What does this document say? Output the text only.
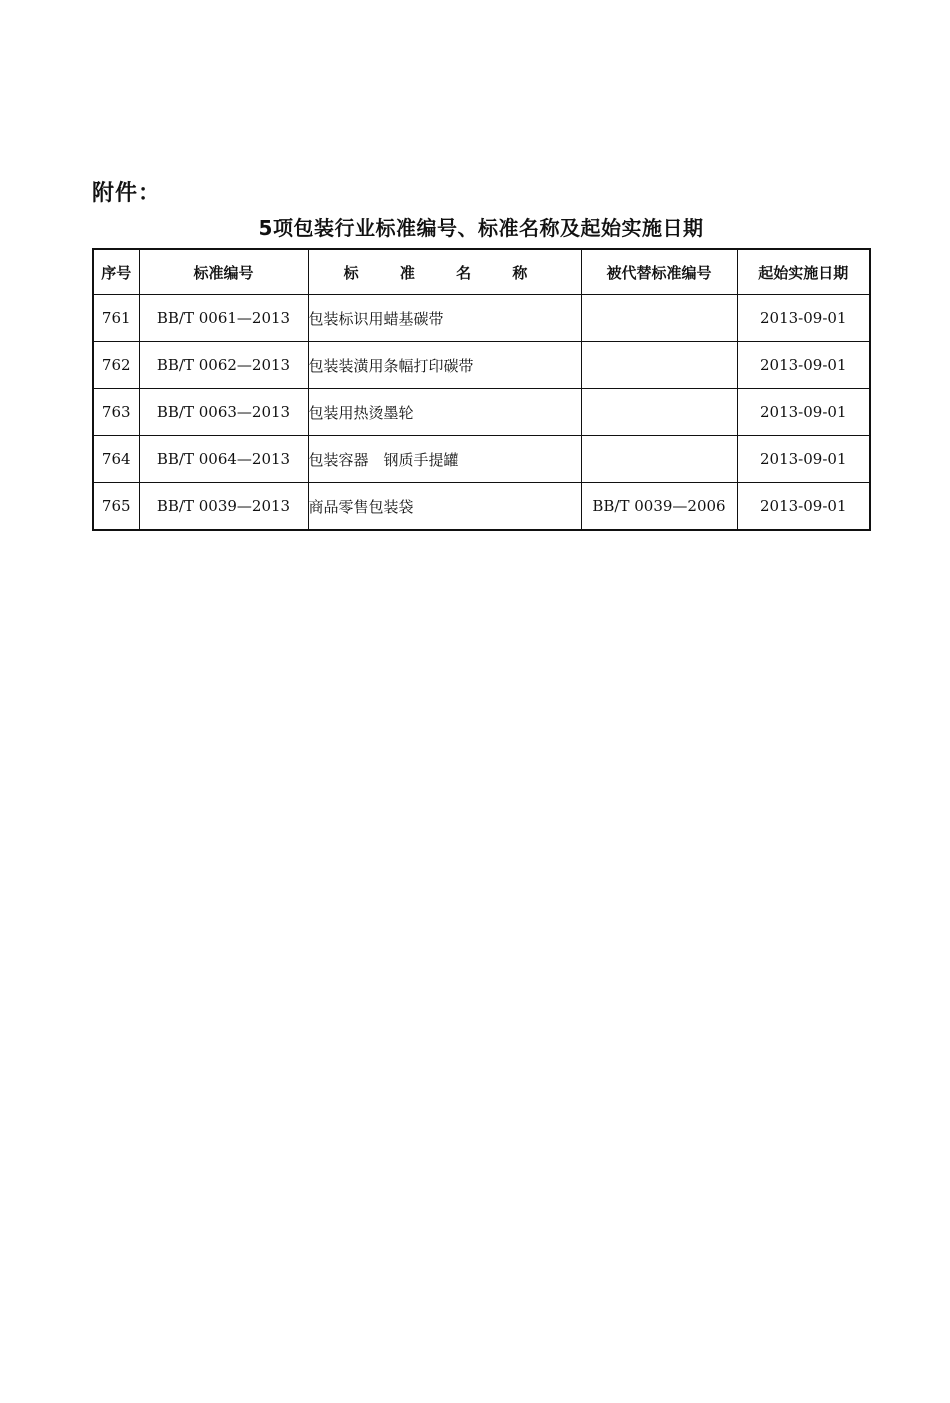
附件：
5项包装行业标准编号、标准名称及起始实施日期
序号	标准编号	标 准 名 称	被代替标准编号	起始实施日期
761	BB/T 0061—2013	包装标识用蜡基碳带		2013-09-01
762	BB/T 0062—2013	包装装潢用条幅打印碳带		2013-09-01
763	BB/T 0063—2013	包装用热烫墨轮		2013-09-01
764	BB/T 0064—2013	包装容器　钢质手提罐		2013-09-01
765	BB/T 0039—2013	商品零售包装袋	BB/T 0039—2006	2013-09-01
